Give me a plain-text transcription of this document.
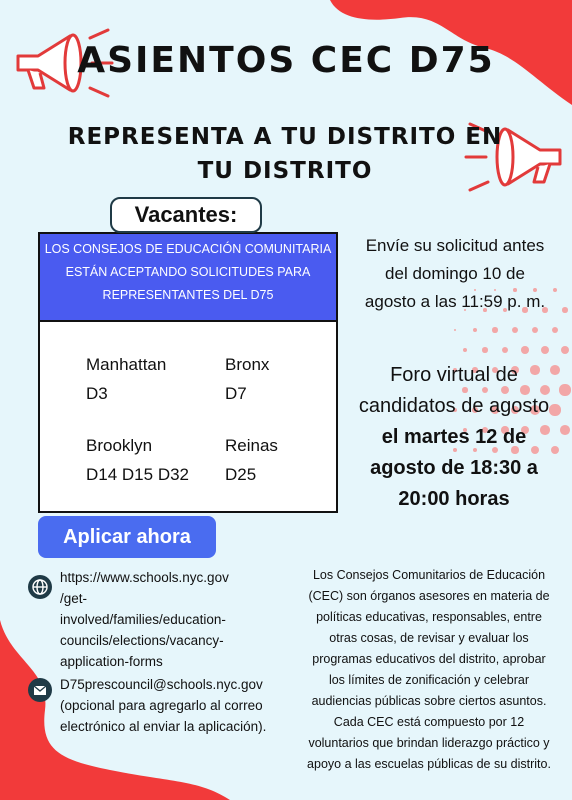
ASIENTOS CEC D75
REPRESENTA A TU DISTRITO EN
TU DISTRITO
Vacantes:
LOS CONSEJOS DE EDUCACIÓN COMUNITARIA
ESTÁN ACEPTANDO SOLICITUDES PARA
REPRESENTANTES DEL D75
Manhattan
D3
Bronx
D7
Brooklyn
D14 D15 D32
Reinas
D25
Envíe su solicitud antes
del domingo 10 de
agosto a las 11:59 p. m.
Foro virtual de
candidatos de agosto
el martes 12 de
agosto de 18:30 a
20:00 horas
Aplicar ahora
https://www.schools.nyc.gov
/get-
involved/families/education-
councils/elections/vacancy-
application-forms
D75prescouncil@schools.nyc.gov
(opcional para agregarlo al correo
electrónico al enviar la aplicación).
Los Consejos Comunitarios de Educación
(CEC) son órganos asesores en materia de
políticas educativas, responsables, entre
otras cosas, de revisar y evaluar los
programas educativos del distrito, aprobar
los límites de zonificación y celebrar
audiencias públicas sobre ciertos asuntos.
Cada CEC está compuesto por 12
voluntarios que brindan liderazgo práctico y
apoyo a las escuelas públicas de su distrito.
